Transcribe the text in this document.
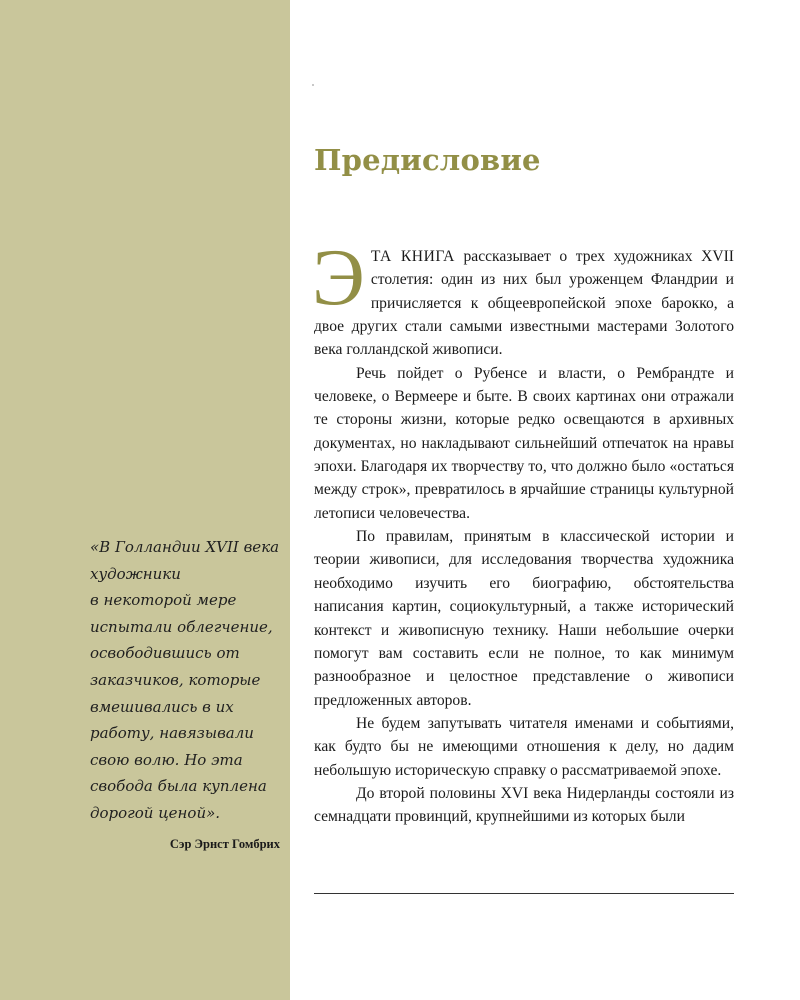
«В Голландии XVII века
художники
в некоторой мере
испытали облегчение,
освободившись от
заказчиков, которые
вмешивались в их
работу, навязывали
свою волю. Но эта
свобода была куплена
дорогой ценой».
Сэр Эрнст Гомбрих
Предисловие

ЭТА КНИГА рассказывает о трех художниках XVII столетия: один из них был уроженцем Фландрии и причисляется к общеевропейской эпохе барокко, а двое других стали самыми известными мастерами Золотого века голландской живописи.

Речь пойдет о Рубенсе и власти, о Рембрандте и человеке, о Вермеере и быте. В своих картинах они отражали те стороны жизни, которые редко освещаются в архивных документах, но накладывают сильнейший отпечаток на нравы эпохи. Благодаря их творчеству то, что должно было «остаться между строк», превратилось в ярчайшие страницы культурной летописи человечества.

По правилам, принятым в классической истории и теории живописи, для исследования творчества художника необходимо изучить его биографию, обстоятельства написания картин, социокультурный, а также исторический контекст и живописную технику. Наши небольшие очерки помогут вам составить если не полное, то как минимум разнообразное и целостное представление о живописи предложенных авторов.

Не будем запутывать читателя именами и событиями, как будто бы не имеющими отношения к делу, но дадим небольшую историческую справку о рассматриваемой эпохе.

До второй половины XVI века Нидерланды состояли из семнадцати провинций, крупнейшими из которых были
